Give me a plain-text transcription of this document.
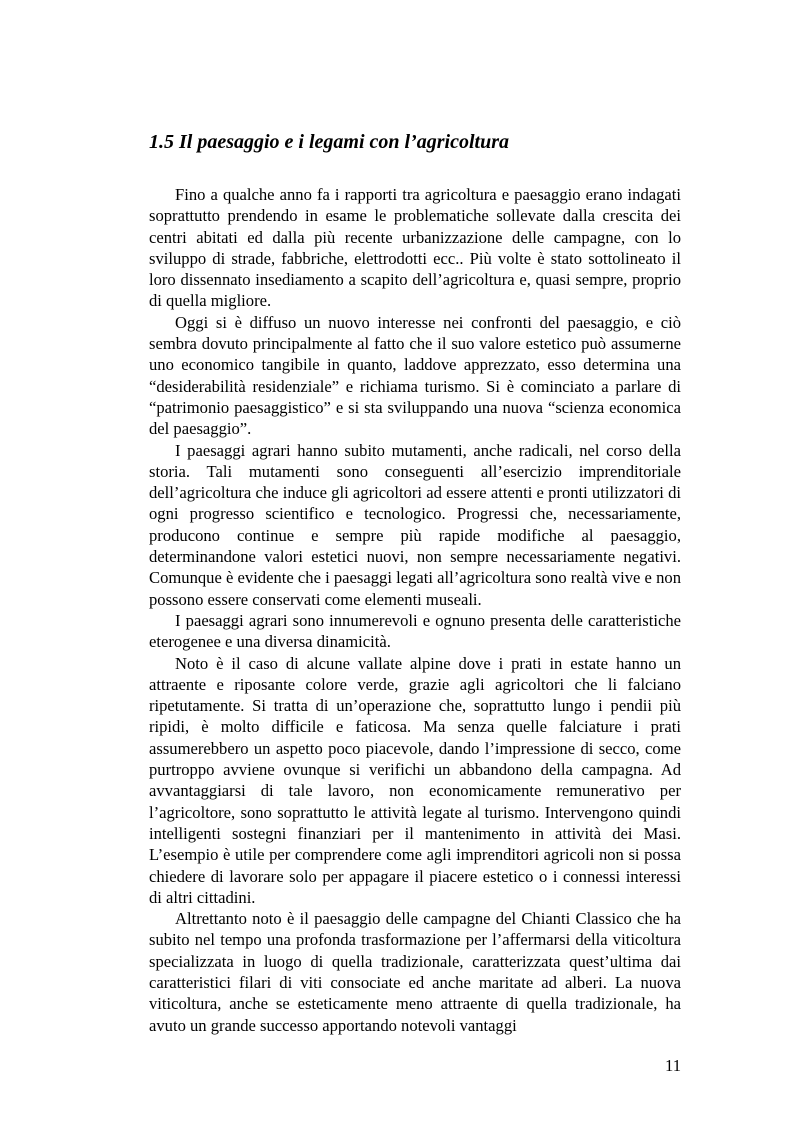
1.5 Il paesaggio e i legami con l’agricoltura

Fino a qualche anno fa i rapporti tra agricoltura e paesaggio erano indagati soprattutto prendendo in esame le problematiche sollevate dalla crescita dei centri abitati ed dalla più recente urbanizzazione delle campagne, con lo sviluppo di strade, fabbriche, elettrodotti ecc.. Più volte è stato sottolineato il loro dissennato insediamento a scapito dell’agricoltura e, quasi sempre, proprio di quella migliore.

Oggi si è diffuso un nuovo interesse nei confronti del paesaggio, e ciò sembra dovuto principalmente al fatto che il suo valore estetico può assumerne uno economico tangibile in quanto, laddove apprezzato, esso determina una “desiderabilità residenziale” e richiama turismo. Si è cominciato a parlare di “patrimonio paesaggistico” e si sta sviluppando una nuova “scienza economica del paesaggio”.

I paesaggi agrari hanno subito mutamenti, anche radicali, nel corso della storia. Tali mutamenti sono conseguenti all’esercizio imprenditoriale dell’agricoltura che induce gli agricoltori ad essere attenti e pronti utilizzatori di ogni progresso scientifico e tecnologico. Progressi che, necessariamente, producono continue e sempre più rapide modifiche al paesaggio, determinandone valori estetici nuovi, non sempre necessariamente negativi. Comunque è evidente che i paesaggi legati all’agricoltura sono realtà vive e non possono essere conservati come elementi museali.

I paesaggi agrari sono innumerevoli e ognuno presenta delle caratteristiche eterogenee e una diversa dinamicità.

Noto è il caso di alcune vallate alpine dove i prati in estate hanno un attraente e riposante colore verde, grazie agli agricoltori che li falciano ripetutamente. Si tratta di un’operazione che, soprattutto lungo i pendii più ripidi, è molto difficile e faticosa. Ma senza quelle falciature i prati assumerebbero un aspetto poco piacevole, dando l’impressione di secco, come purtroppo avviene ovunque si verifichi un abbandono della campagna. Ad avvantaggiarsi di tale lavoro, non economicamente remunerativo per l’agricoltore, sono soprattutto le attività legate al turismo. Intervengono quindi intelligenti sostegni finanziari per il mantenimento in attività dei Masi. L’esempio è utile per comprendere come agli imprenditori agricoli non si possa chiedere di lavorare solo per appagare il piacere estetico o i connessi interessi di altri cittadini.

Altrettanto noto è il paesaggio delle campagne del Chianti Classico che ha subito nel tempo una profonda trasformazione per l’affermarsi della viticoltura specializzata in luogo di quella tradizionale, caratterizzata quest’ultima dai caratteristici filari di viti consociate ed anche maritate ad alberi. La nuova viticoltura, anche se esteticamente meno attraente di quella tradizionale, ha avuto un grande successo apportando notevoli vantaggi

11
